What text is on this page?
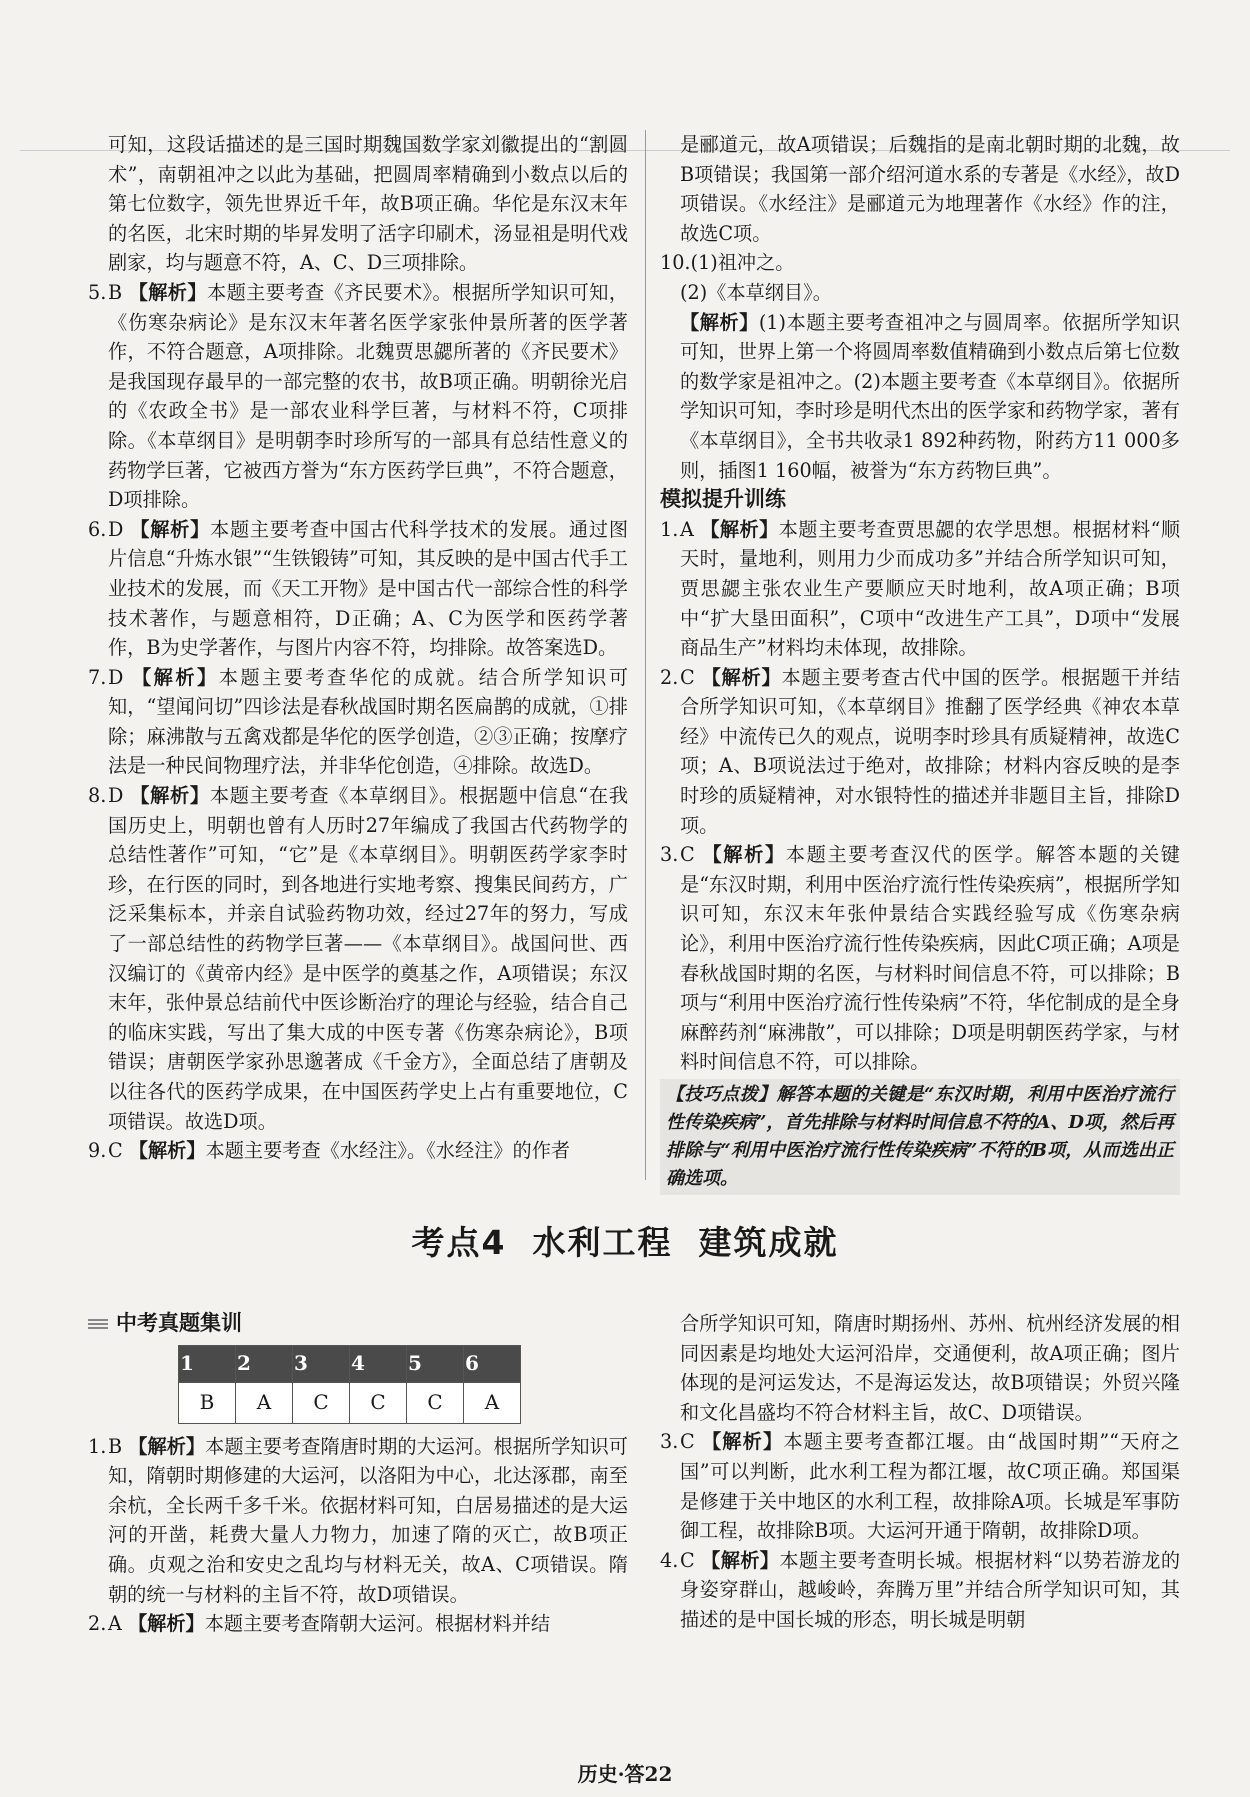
可知，这段话描述的是三国时期魏国数学家刘徽提出的“割圆术”，南朝祖冲之以此为基础，把圆周率精确到小数点以后的第七位数字，领先世界近千年，故B项正确。华佗是东汉末年的名医，北宋时期的毕昇发明了活字印刷术，汤显祖是明代戏剧家，均与题意不符，A、C、D三项排除。

5.B 【解析】本题主要考查《齐民要术》。根据所学知识可知，《伤寒杂病论》是东汉末年著名医学家张仲景所著的医学著作，不符合题意，A项排除。北魏贾思勰所著的《齐民要术》是我国现存最早的一部完整的农书，故B项正确。明朝徐光启的《农政全书》是一部农业科学巨著，与材料不符，C项排除。《本草纲目》是明朝李时珍所写的一部具有总结性意义的药物学巨著，它被西方誉为“东方医药学巨典”，不符合题意，D项排除。

6.D 【解析】本题主要考查中国古代科学技术的发展。通过图片信息“升炼水银”“生铁锻铸”可知，其反映的是中国古代手工业技术的发展，而《天工开物》是中国古代一部综合性的科学技术著作，与题意相符，D正确；A、C为医学和医药学著作，B为史学著作，与图片内容不符，均排除。故答案选D。

7.D 【解析】本题主要考查华佗的成就。结合所学知识可知，“望闻问切”四诊法是春秋战国时期名医扁鹊的成就，①排除；麻沸散与五禽戏都是华佗的医学创造，②③正确；按摩疗法是一种民间物理疗法，并非华佗创造，④排除。故选D。

8.D 【解析】本题主要考查《本草纲目》。根据题中信息“在我国历史上，明朝也曾有人历时27年编成了我国古代药物学的总结性著作”可知，“它”是《本草纲目》。明朝医药学家李时珍，在行医的同时，到各地进行实地考察、搜集民间药方，广泛采集标本，并亲自试验药物功效，经过27年的努力，写成了一部总结性的药物学巨著——《本草纲目》。战国问世、西汉编订的《黄帝内经》是中医学的奠基之作，A项错误；东汉末年，张仲景总结前代中医诊断治疗的理论与经验，结合自己的临床实践，写出了集大成的中医专著《伤寒杂病论》，B项错误；唐朝医学家孙思邈著成《千金方》，全面总结了唐朝及以往各代的医药学成果，在中国医药学史上占有重要地位，C项错误。故选D项。

9.C 【解析】本题主要考查《水经注》。《水经注》的作者

是郦道元，故A项错误；后魏指的是南北朝时期的北魏，故B项错误；我国第一部介绍河道水系的专著是《水经》，故D项错误。《水经注》是郦道元为地理著作《水经》作的注，故选C项。

10.(1)祖冲之。

(2)《本草纲目》。

【解析】(1)本题主要考查祖冲之与圆周率。依据所学知识可知，世界上第一个将圆周率数值精确到小数点后第七位数的数学家是祖冲之。(2)本题主要考查《本草纲目》。依据所学知识可知，李时珍是明代杰出的医学家和药物学家，著有《本草纲目》，全书共收录1 892种药物，附药方11 000多则，插图1 160幅，被誉为“东方药物巨典”。

模拟提升训练

1.A 【解析】本题主要考查贾思勰的农学思想。根据材料“顺天时，量地利，则用力少而成功多”并结合所学知识可知，贾思勰主张农业生产要顺应天时地利，故A项正确；B项中“扩大垦田面积”，C项中“改进生产工具”，D项中“发展商品生产”材料均未体现，故排除。

2.C 【解析】本题主要考查古代中国的医学。根据题干并结合所学知识可知，《本草纲目》推翻了医学经典《神农本草经》中流传已久的观点，说明李时珍具有质疑精神，故选C项；A、B项说法过于绝对，故排除；材料内容反映的是李时珍的质疑精神，对水银特性的描述并非题目主旨，排除D项。

3.C 【解析】本题主要考查汉代的医学。解答本题的关键是“东汉时期，利用中医治疗流行性传染疾病”，根据所学知识可知，东汉末年张仲景结合实践经验写成《伤寒杂病论》，利用中医治疗流行性传染疾病，因此C项正确；A项是春秋战国时期的名医，与材料时间信息不符，可以排除；B项与“利用中医治疗流行性传染病”不符，华佗制成的是全身麻醉药剂“麻沸散”，可以排除；D项是明朝医药学家，与材料时间信息不符，可以排除。

【技巧点拨】解答本题的关键是“东汉时期，利用中医治疗流行性传染疾病”，首先排除与材料时间信息不符的A、D项，然后再排除与“利用中医治疗流行性传染疾病”不符的B项，从而选出正确选项。
考点4 水利工程 建筑成就
中考真题集训
1	2	3	4	5	6
B	A	C	C	C	A

1.B 【解析】本题主要考查隋唐时期的大运河。根据所学知识可知，隋朝时期修建的大运河，以洛阳为中心，北达涿郡，南至余杭，全长两千多千米。依据材料可知，白居易描述的是大运河的开凿，耗费大量人力物力，加速了隋的灭亡，故B项正确。贞观之治和安史之乱均与材料无关，故A、C项错误。隋朝的统一与材料的主旨不符，故D项错误。

2.A 【解析】本题主要考查隋朝大运河。根据材料并结

合所学知识可知，隋唐时期扬州、苏州、杭州经济发展的相同因素是均地处大运河沿岸，交通便利，故A项正确；图片体现的是河运发达，不是海运发达，故B项错误；外贸兴隆和文化昌盛均不符合材料主旨，故C、D项错误。

3.C 【解析】本题主要考查都江堰。由“战国时期”“天府之国”可以判断，此水利工程为都江堰，故C项正确。郑国渠是修建于关中地区的水利工程，故排除A项。长城是军事防御工程，故排除B项。大运河开通于隋朝，故排除D项。

4.C 【解析】本题主要考查明长城。根据材料“以势若游龙的身姿穿群山，越峻岭，奔腾万里”并结合所学知识可知，其描述的是中国长城的形态，明长城是明朝

历史·答22
